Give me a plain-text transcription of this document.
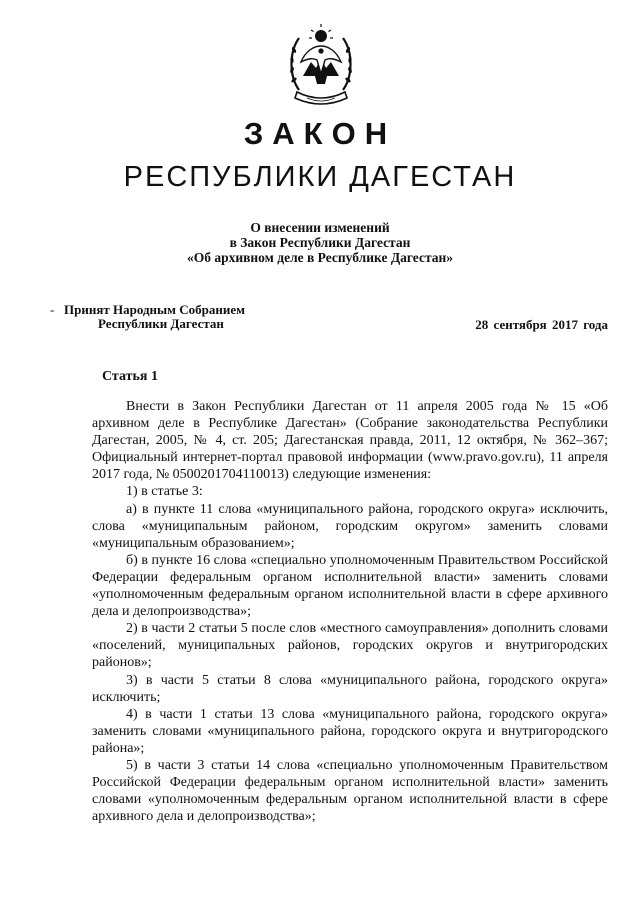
ЗАКОН
РЕСПУБЛИКИ ДАГЕСТАН
О внесении изменений
в Закон Республики Дагестан
«Об архивном деле в Республике Дагестан»
- Принят Народным Собранием
Республики Дагестан	28 сентября 2017 года
Статья 1

Внести в Закон Республики Дагестан от 11 апреля 2005 года № 15 «Об архивном деле в Республике Дагестан» (Собрание законодательства Республики Дагестан, 2005, № 4, ст. 205; Дагестанская правда, 2011, 12 октября, № 362–367; Официальный интернет-портал правовой информации (www.pravo.gov.ru), 11 апреля 2017 года, № 0500201704110013) следующие изменения:

1) в статье 3:

а) в пункте 11 слова «муниципального района, городского округа» исключить, слова «муниципальным районом, городским округом» заменить словами «муниципальным образованием»;

б) в пункте 16 слова «специально уполномоченным Правительством Российской Федерации федеральным органом исполнительной власти» заменить словами «уполномоченным федеральным органом исполнительной власти в сфере архивного дела и делопроизводства»;

2) в части 2 статьи 5 после слов «местного самоуправления» дополнить словами «поселений, муниципальных районов, городских округов и внутригородских районов»;

3) в части 5 статьи 8 слова «муниципального района, городского округа» исключить;

4) в части 1 статьи 13 слова «муниципального района, городского округа» заменить словами «муниципального района, городского округа и внутригородского района»;

5) в части 3 статьи 14 слова «специально уполномоченным Правительством Российской Федерации федеральным органом исполнительной власти» заменить словами «уполномоченным федеральным органом исполнительной власти в сфере архивного дела и делопроизводства»;
